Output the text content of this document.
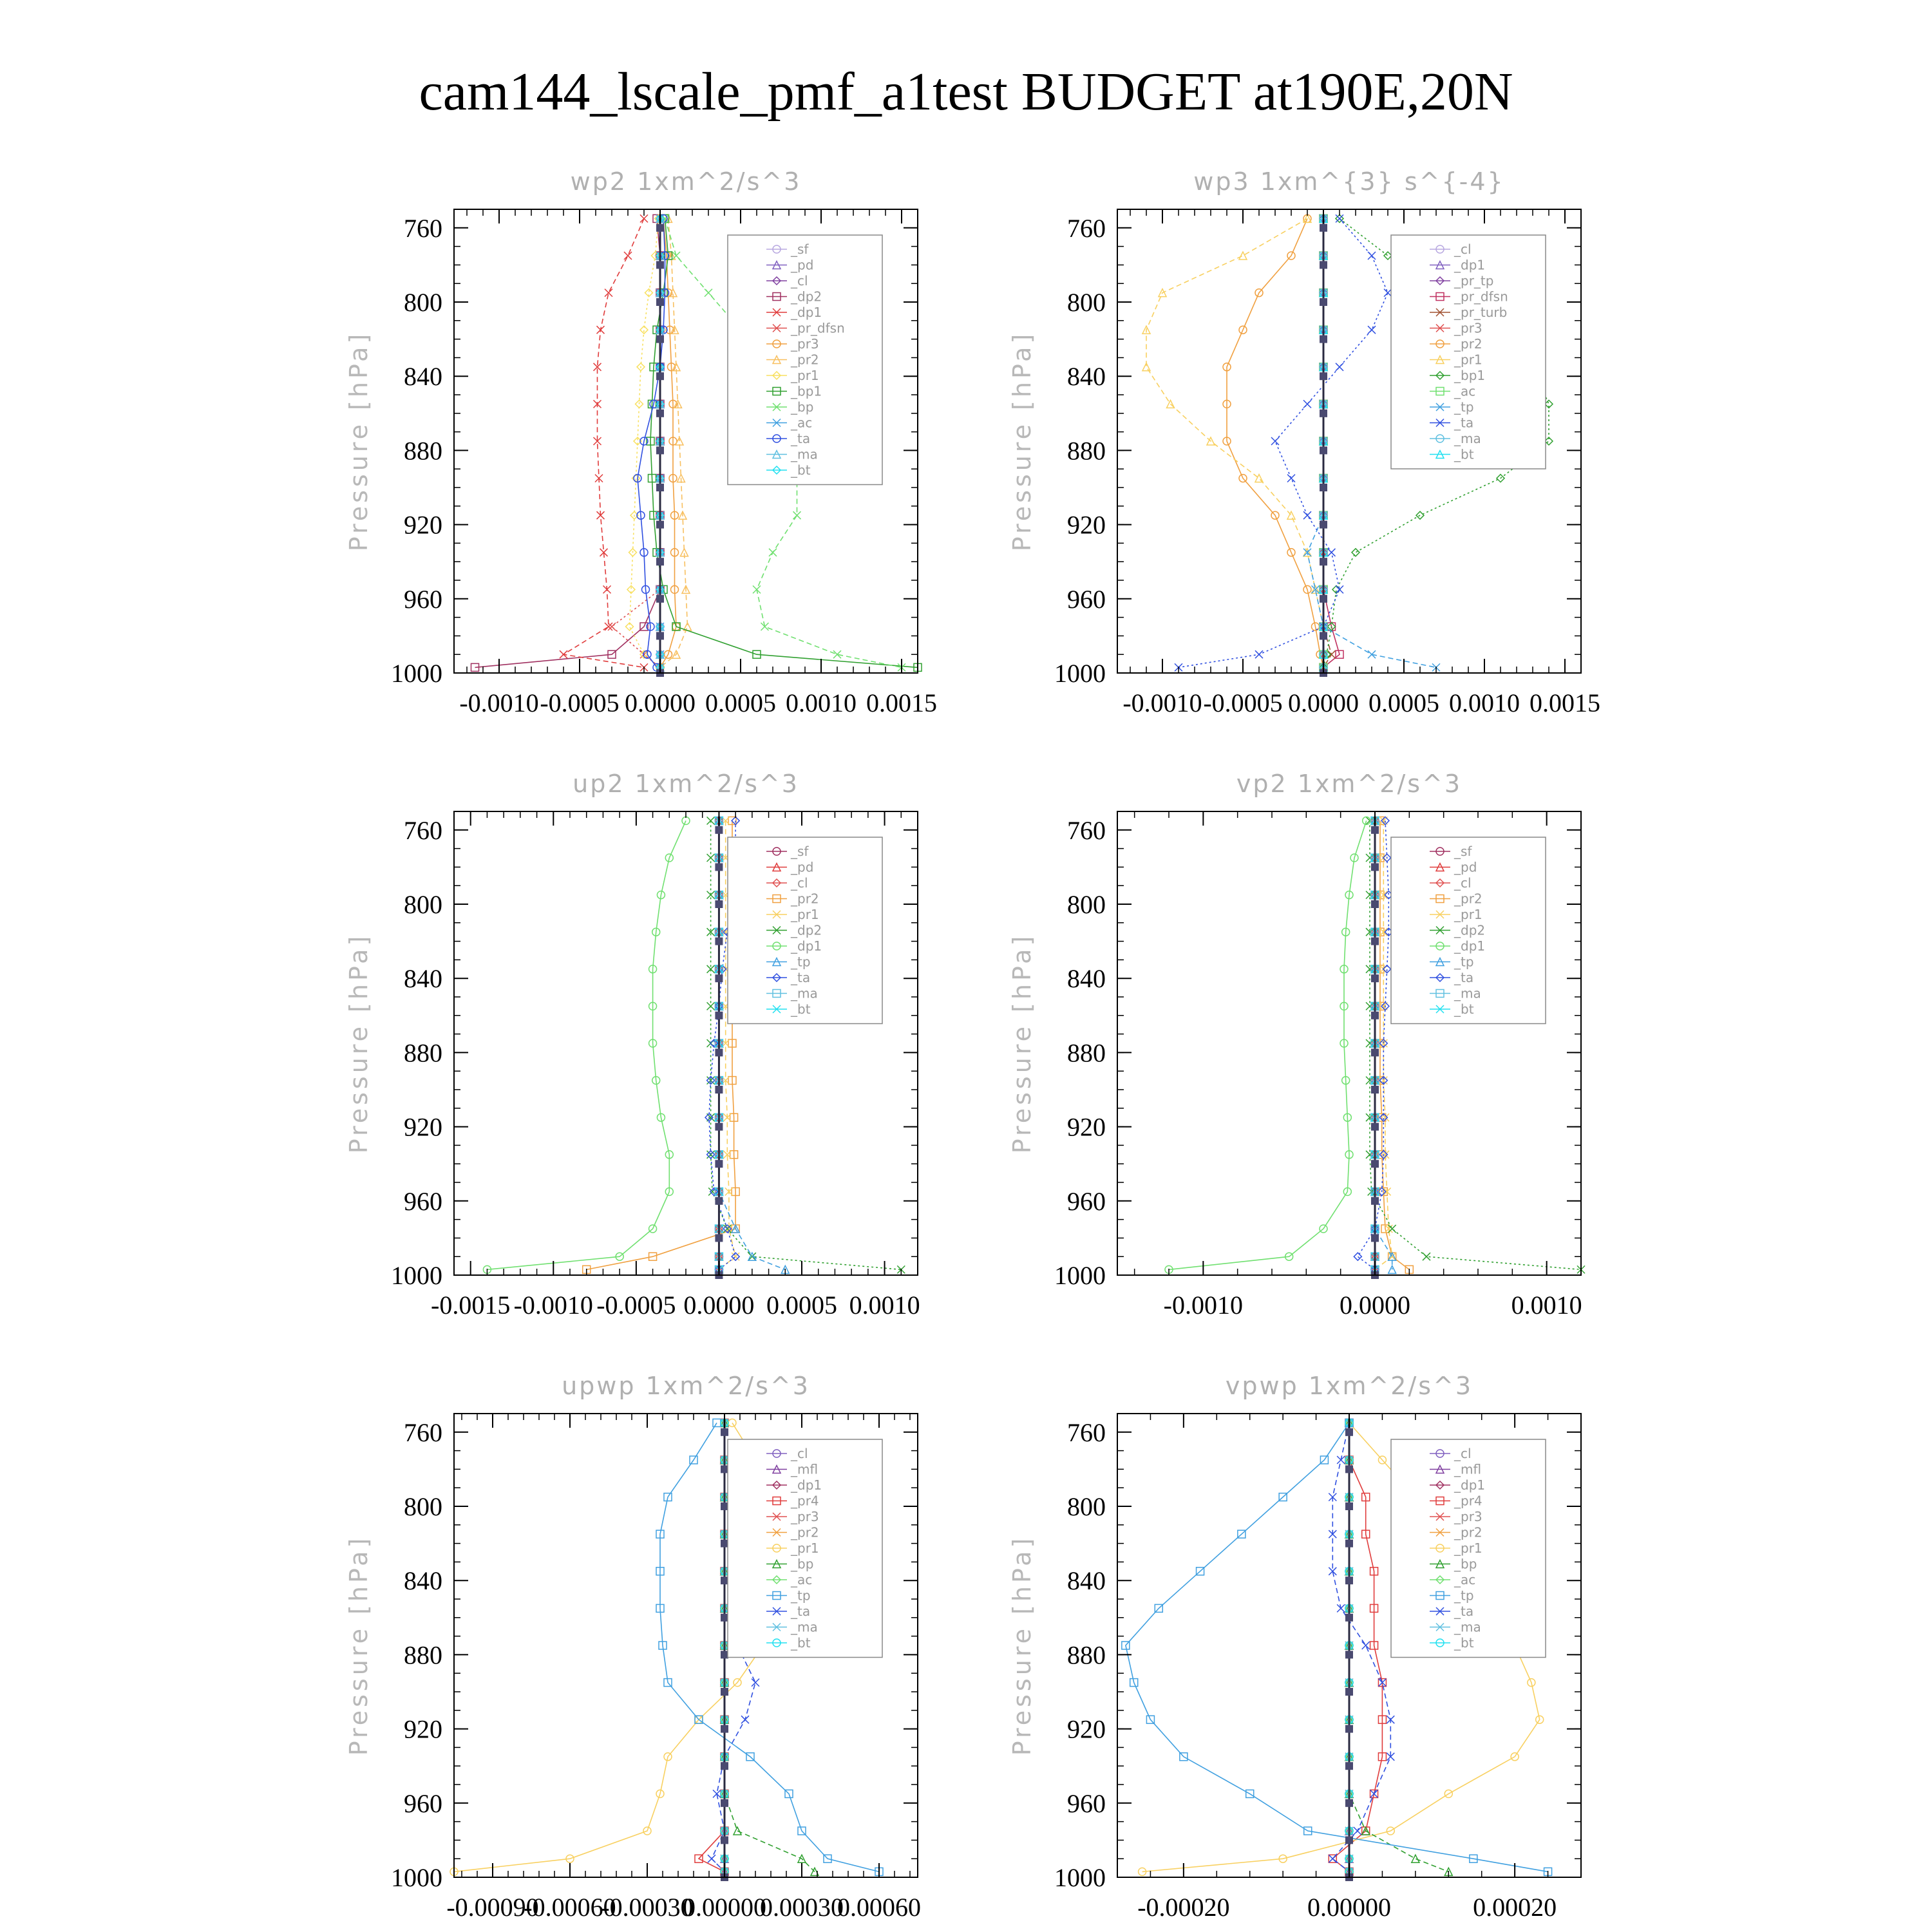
cam144_lscale_pmf_a1test BUDGET at190E,20N
wp2 1xm^2/s^3
Pressure [hPa]
760
800
840
880
920
960
1000
-0.0010 -0.0005 0.0000 0.0005 0.0010 0.0015
_sf
_pd
_cl
_dp2
_dp1
_pr_dfsn
_pr3
_pr2
_pr1
_bp1
_bp
_ac
_ta
_ma
_bt
wp3 1xm^{3} s^{-4}
Pressure [hPa]
760
800
840
880
920
960
1000
-0.0010 -0.0005 0.0000 0.0005 0.0010 0.0015
_cl
_dp1
_pr_tp
_pr_dfsn
_pr_turb
_pr3
_pr2
_pr1
_bp1
_ac
_tp
_ta
_ma
_bt
up2 1xm^2/s^3
Pressure [hPa]
760
800
840
880
920
960
1000
-0.0015 -0.0010 -0.0005 0.0000 0.0005 0.0010
_sf
_pd
_cl
_pr2
_pr1
_dp2
_dp1
_tp
_ta
_ma
_bt
vp2 1xm^2/s^3
Pressure [hPa]
760
800
840
880
920
960
1000
-0.0010	0.0000	0.0010
_sf
_pd
_cl
_pr2
_pr1
_dp2
_dp1
_tp
_ta
_ma
_bt
upwp 1xm^2/s^3
Pressure [hPa]
760
800
840
880
920
960
1000
-0.00090
-0.00060
-0.00030
0.00000
0.00030
0.00060
_cl
_mfl
_dp1
_pr4
_pr3
_pr2
_pr1
_bp
_ac
_tp
_ta
_ma
_bt
vpwp 1xm^2/s^3
Pressure [hPa]
760
800
840
880
920
960
1000
-0.00020	0.00000	0.00020
_cl
_mfl
_dp1
_pr4
_pr3
_pr2
_pr1
_bp
_ac
_tp
_ta
_ma
_bt
